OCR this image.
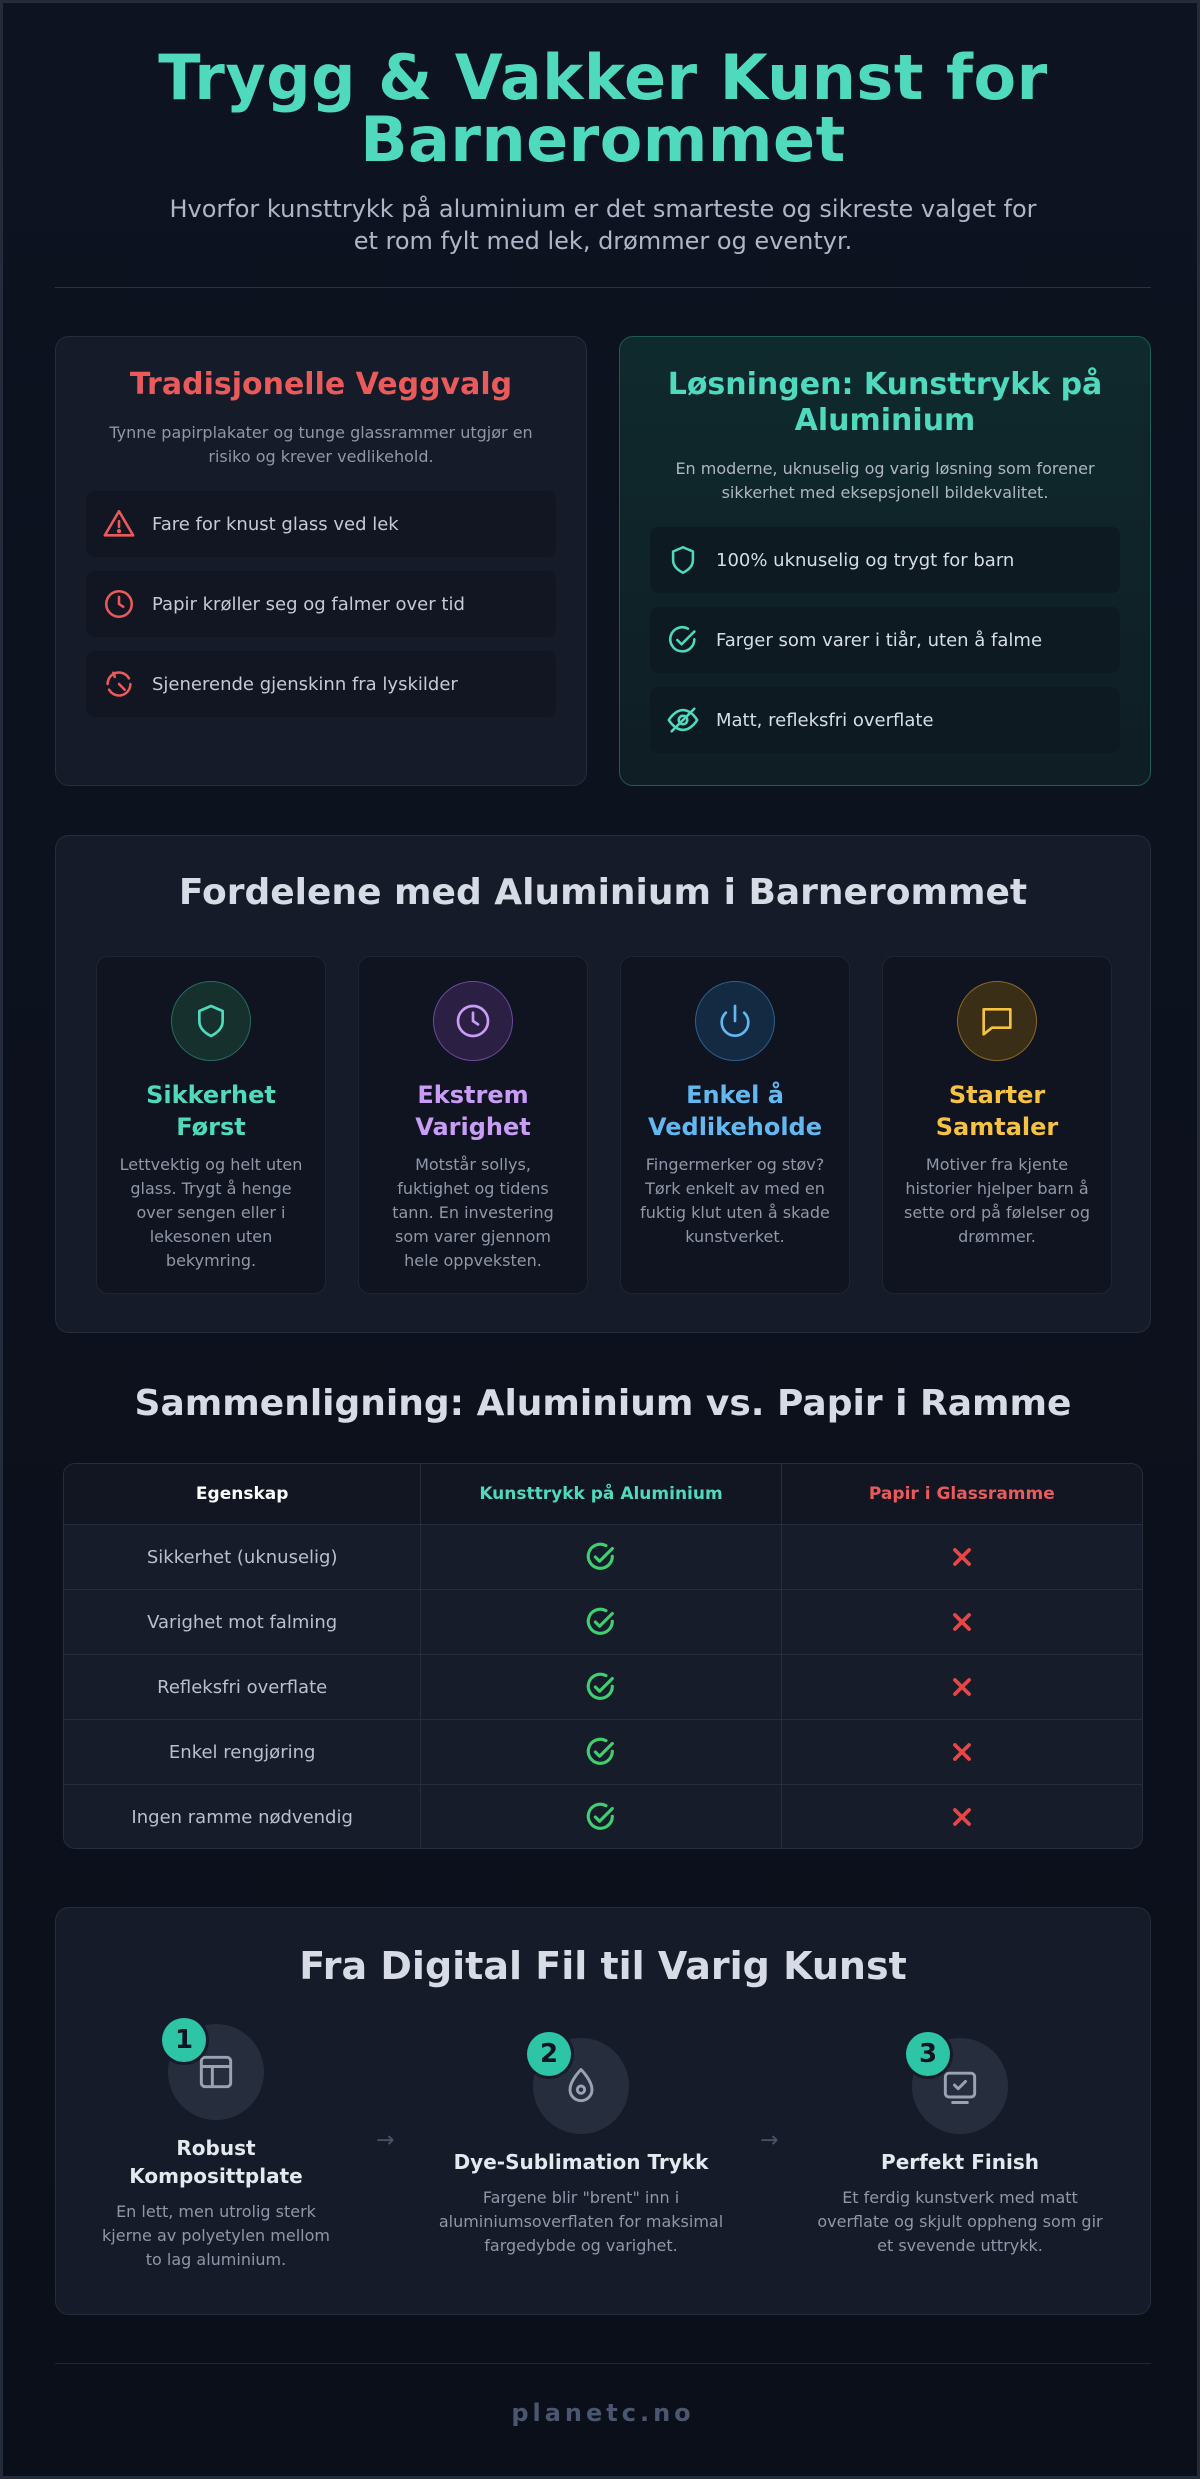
Trygg & Vakker Kunst for Barnerommet
Hvorfor kunsttrykk på aluminium er det smarteste og sikreste valget for et rom fylt med lek, drømmer og eventyr.
Tradisjonelle Veggvalg
Tynne papirplakater og tunge glassrammer utgjør en risiko og krever vedlikehold.
Fare for knust glass ved lek
Papir krøller seg og falmer over tid
Sjenerende gjenskinn fra lyskilder
Løsningen: Kunsttrykk på Aluminium
En moderne, uknuselig og varig løsning som forener sikkerhet med eksepsjonell bildekvalitet.
100% uknuselig og trygt for barn
Farger som varer i tiår, uten å falme
Matt, refleksfri overflate
Fordelene med Aluminium i Barnerommet
Sikkerhet Først
Lettvektig og helt uten glass. Trygt å henge over sengen eller i lekesonen uten bekymring.
Ekstrem Varighet
Motstår sollys, fuktighet og tidens tann. En investering som varer gjennom hele oppveksten.
Enkel å Vedlikeholde
Fingermerker og støv? Tørk enkelt av med en fuktig klut uten å skade kunstverket.
Starter Samtaler
Motiver fra kjente historier hjelper barn å sette ord på følelser og drømmer.
Sammenligning: Aluminium vs. Papir i Ramme
Egenskap	Kunsttrykk på Aluminium	Papir i Glassramme
Sikkerhet (uknuselig)
Varighet mot falming
Refleksfri overflate
Enkel rengjøring
Ingen ramme nødvendig
Fra Digital Fil til Varig Kunst
1
Robust Komposittplate
En lett, men utrolig sterk kjerne av polyetylen mellom to lag aluminium.
→
2
Dye-Sublimation Trykk
Fargene blir "brent" inn i aluminiumsoverflaten for maksimal fargedybde og varighet.
→
3
Perfekt Finish
Et ferdig kunstverk med matt overflate og skjult oppheng som gir et svevende uttrykk.
planetc.no
